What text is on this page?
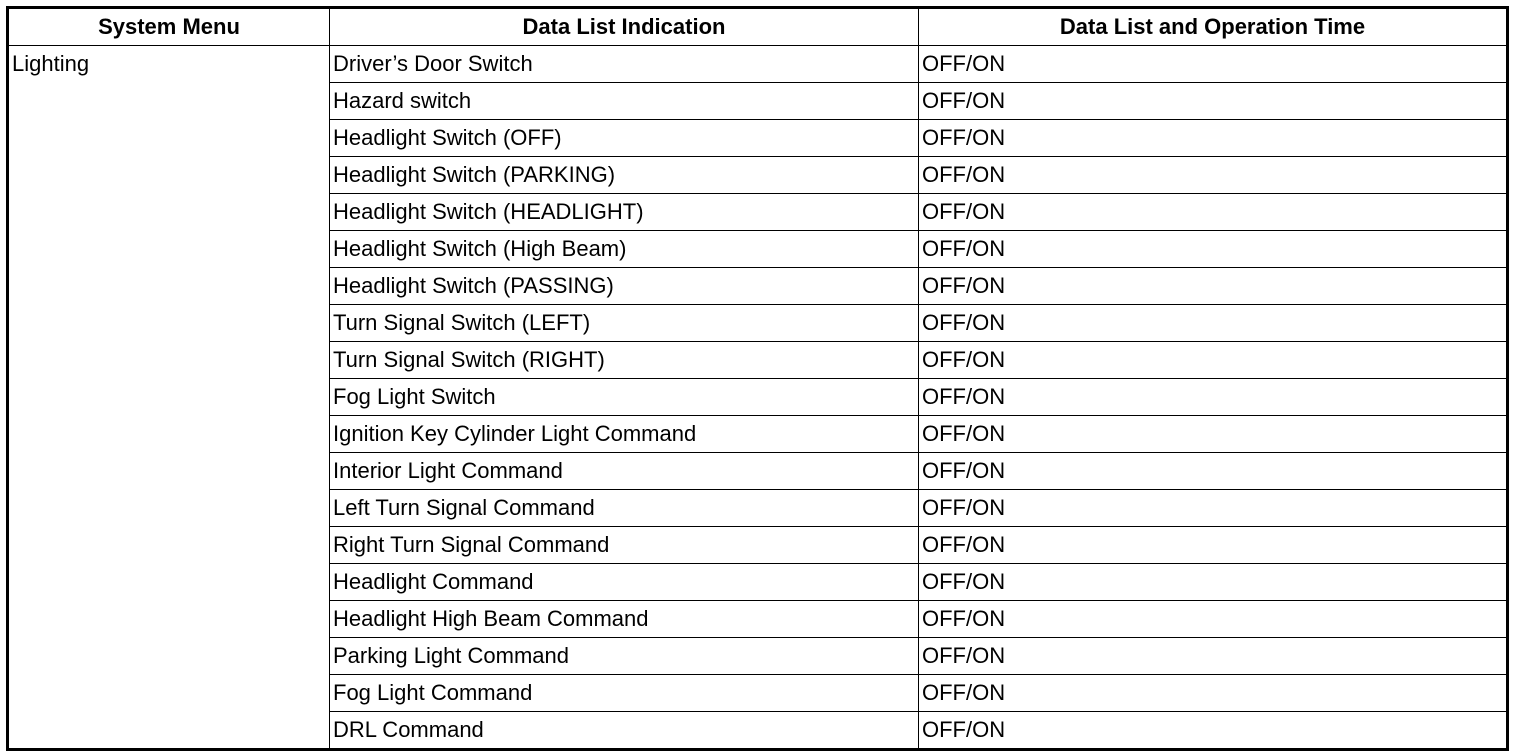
System Menu	Data List Indication	Data List and Operation Time
Lighting	Driver’s Door Switch	OFF/ON
	Hazard switch	OFF/ON
	Headlight Switch (OFF)	OFF/ON
	Headlight Switch (PARKING)	OFF/ON
	Headlight Switch (HEADLIGHT)	OFF/ON
	Headlight Switch (High Beam)	OFF/ON
	Headlight Switch (PASSING)	OFF/ON
	Turn Signal Switch (LEFT)	OFF/ON
	Turn Signal Switch (RIGHT)	OFF/ON
	Fog Light Switch	OFF/ON
	Ignition Key Cylinder Light Command	OFF/ON
	Interior Light Command	OFF/ON
	Left Turn Signal Command	OFF/ON
	Right Turn Signal Command	OFF/ON
	Headlight Command	OFF/ON
	Headlight High Beam Command	OFF/ON
	Parking Light Command	OFF/ON
	Fog Light Command	OFF/ON
	DRL Command	OFF/ON
